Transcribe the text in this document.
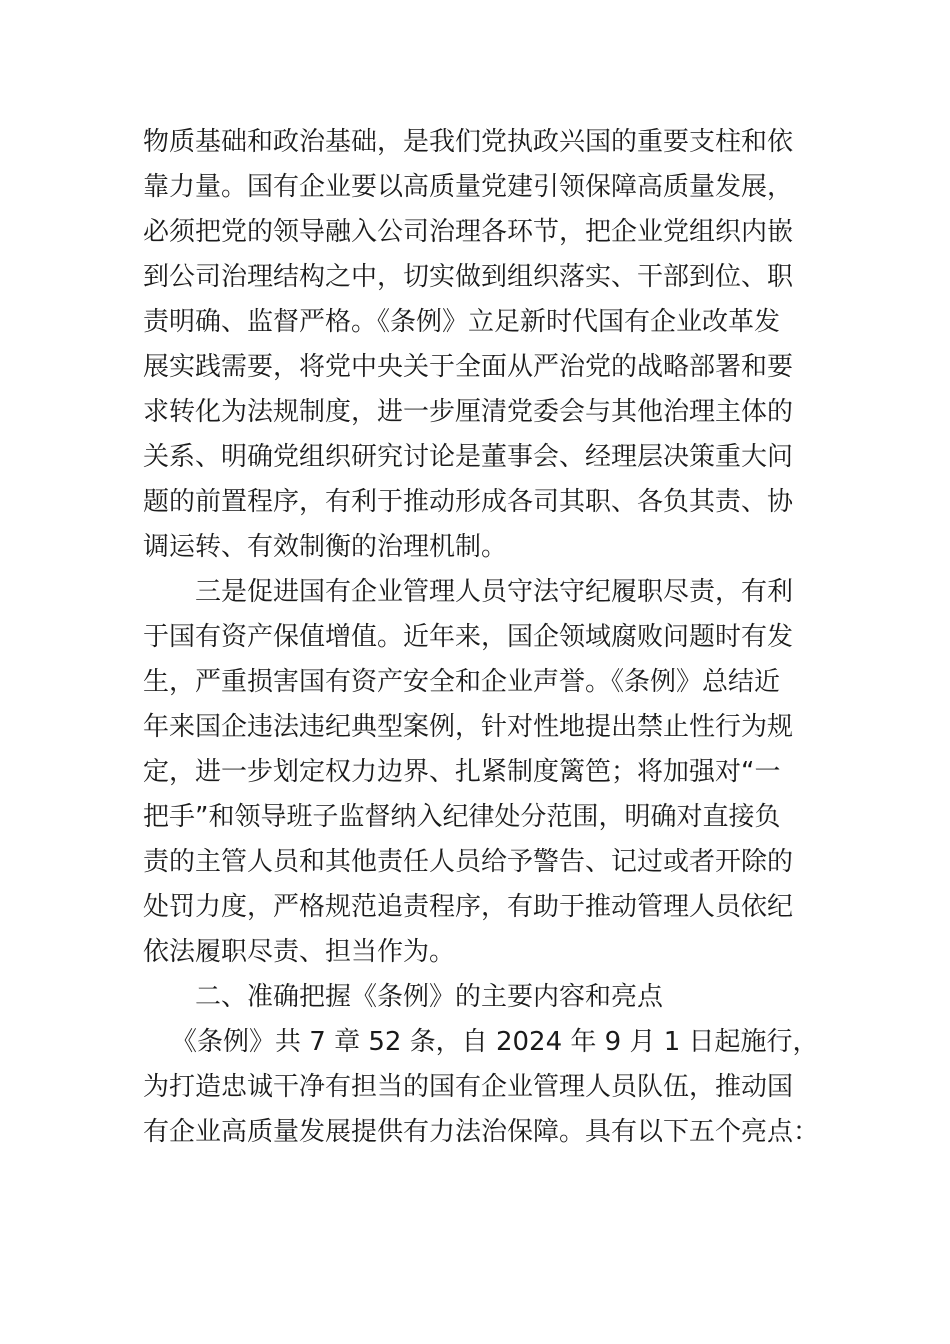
物质基础和政治基础，是我们党执政兴国的重要支柱和依
靠力量。国有企业要以高质量党建引领保障高质量发展，
必须把党的领导融入公司治理各环节，把企业党组织内嵌
到公司治理结构之中，切实做到组织落实、干部到位、职
责明确、监督严格。《条例》立足新时代国有企业改革发
展实践需要，将党中央关于全面从严治党的战略部署和要
求转化为法规制度，进一步厘清党委会与其他治理主体的
关系、明确党组织研究讨论是董事会、经理层决策重大问
题的前置程序，有利于推动形成各司其职、各负其责、协
调运转、有效制衡的治理机制。
三是促进国有企业管理人员守法守纪履职尽责，有利
于国有资产保值增值。近年来，国企领域腐败问题时有发
生，严重损害国有资产安全和企业声誉。《条例》总结近
年来国企违法违纪典型案例，针对性地提出禁止性行为规
定，进一步划定权力边界、扎紧制度篱笆；将加强对“一
把手”和领导班子监督纳入纪律处分范围，明确对直接负
责的主管人员和其他责任人员给予警告、记过或者开除的
处罚力度，严格规范追责程序，有助于推动管理人员依纪
依法履职尽责、担当作为。
二、准确把握《条例》的主要内容和亮点
《条例》共 7 章 52 条，自 2024 年 9 月 1 日起施行，
为打造忠诚干净有担当的国有企业管理人员队伍，推动国
有企业高质量发展提供有力法治保障。具有以下五个亮点：
